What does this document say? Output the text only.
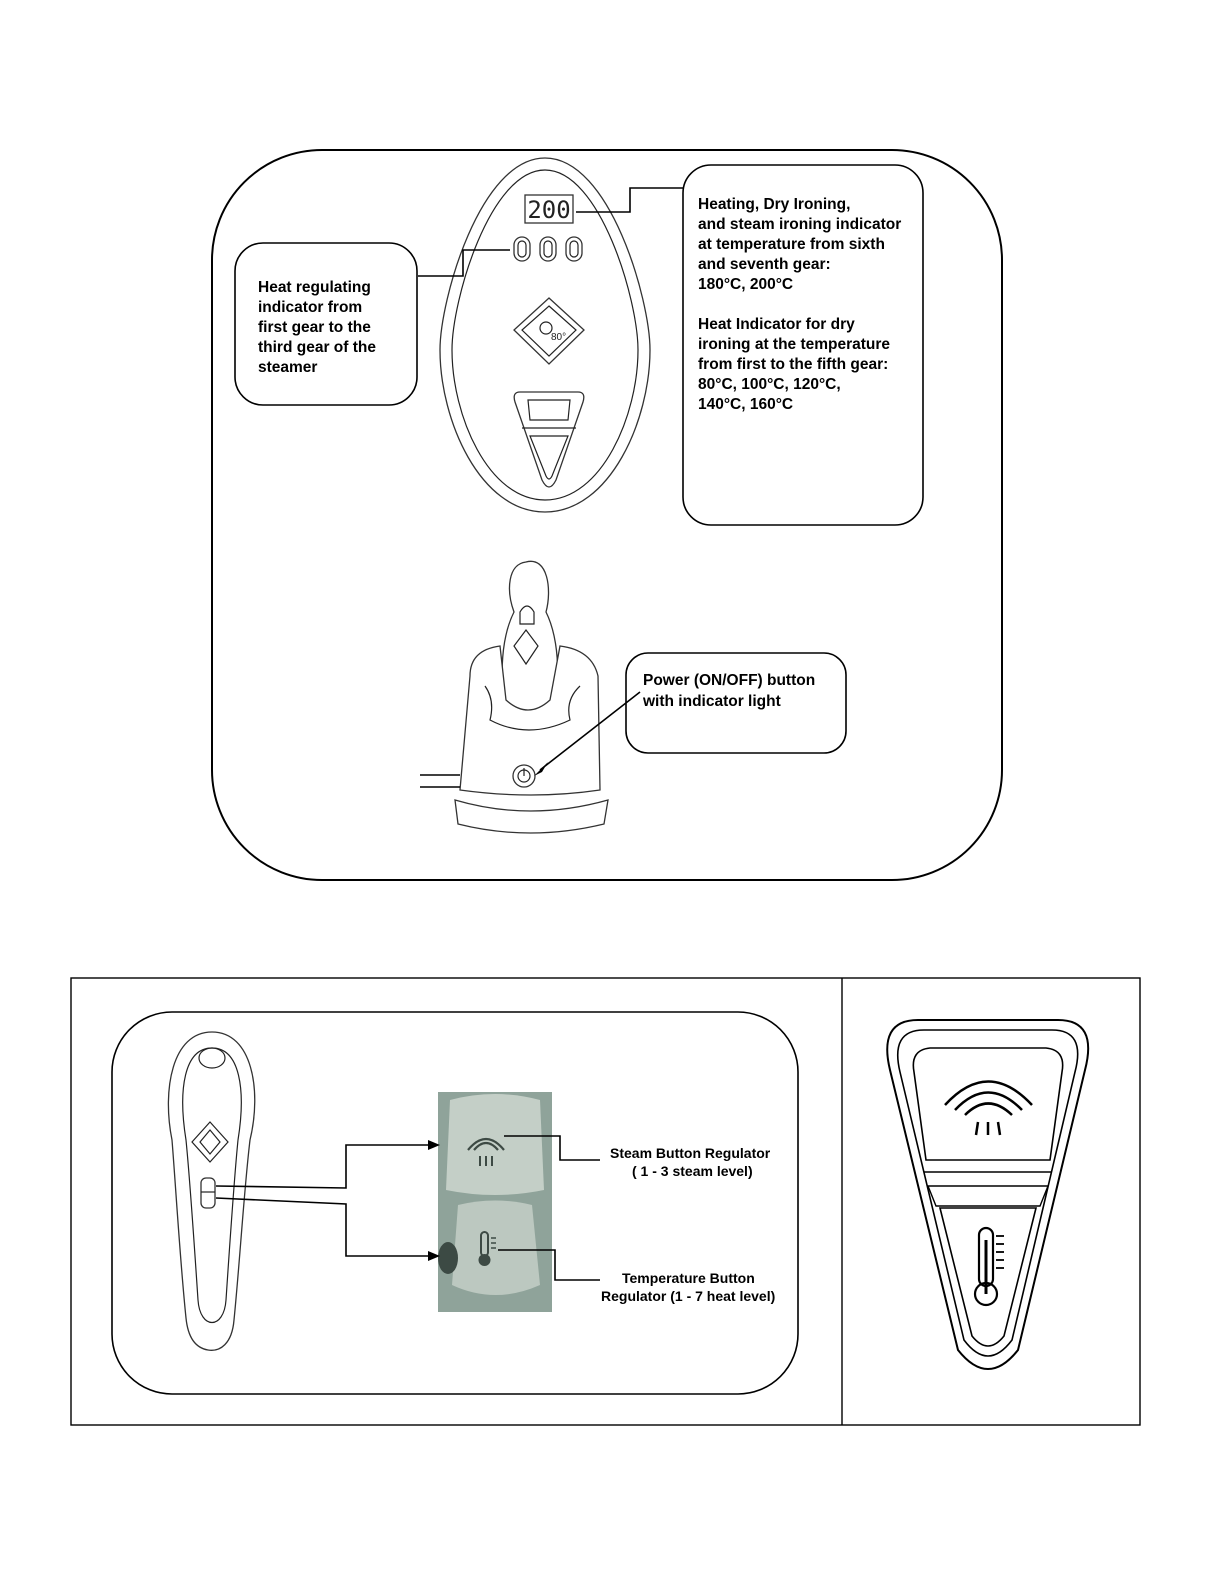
200
80°
Heat regulating
indicator from
first gear to the
third gear of the
steamer
Heating, Dry Ironing,
and steam ironing indicator
at temperature from sixth
and seventh gear:
180°C, 200°C
Heat Indicator for dry
ironing at the temperature
from first to the fifth gear:
80°C, 100°C, 120°C,
140°C, 160°C
Power (ON/OFF) button
with indicator light
Steam Button Regulator
( 1 - 3 steam level)
Temperature Button
Regulator (1 - 7 heat level)
